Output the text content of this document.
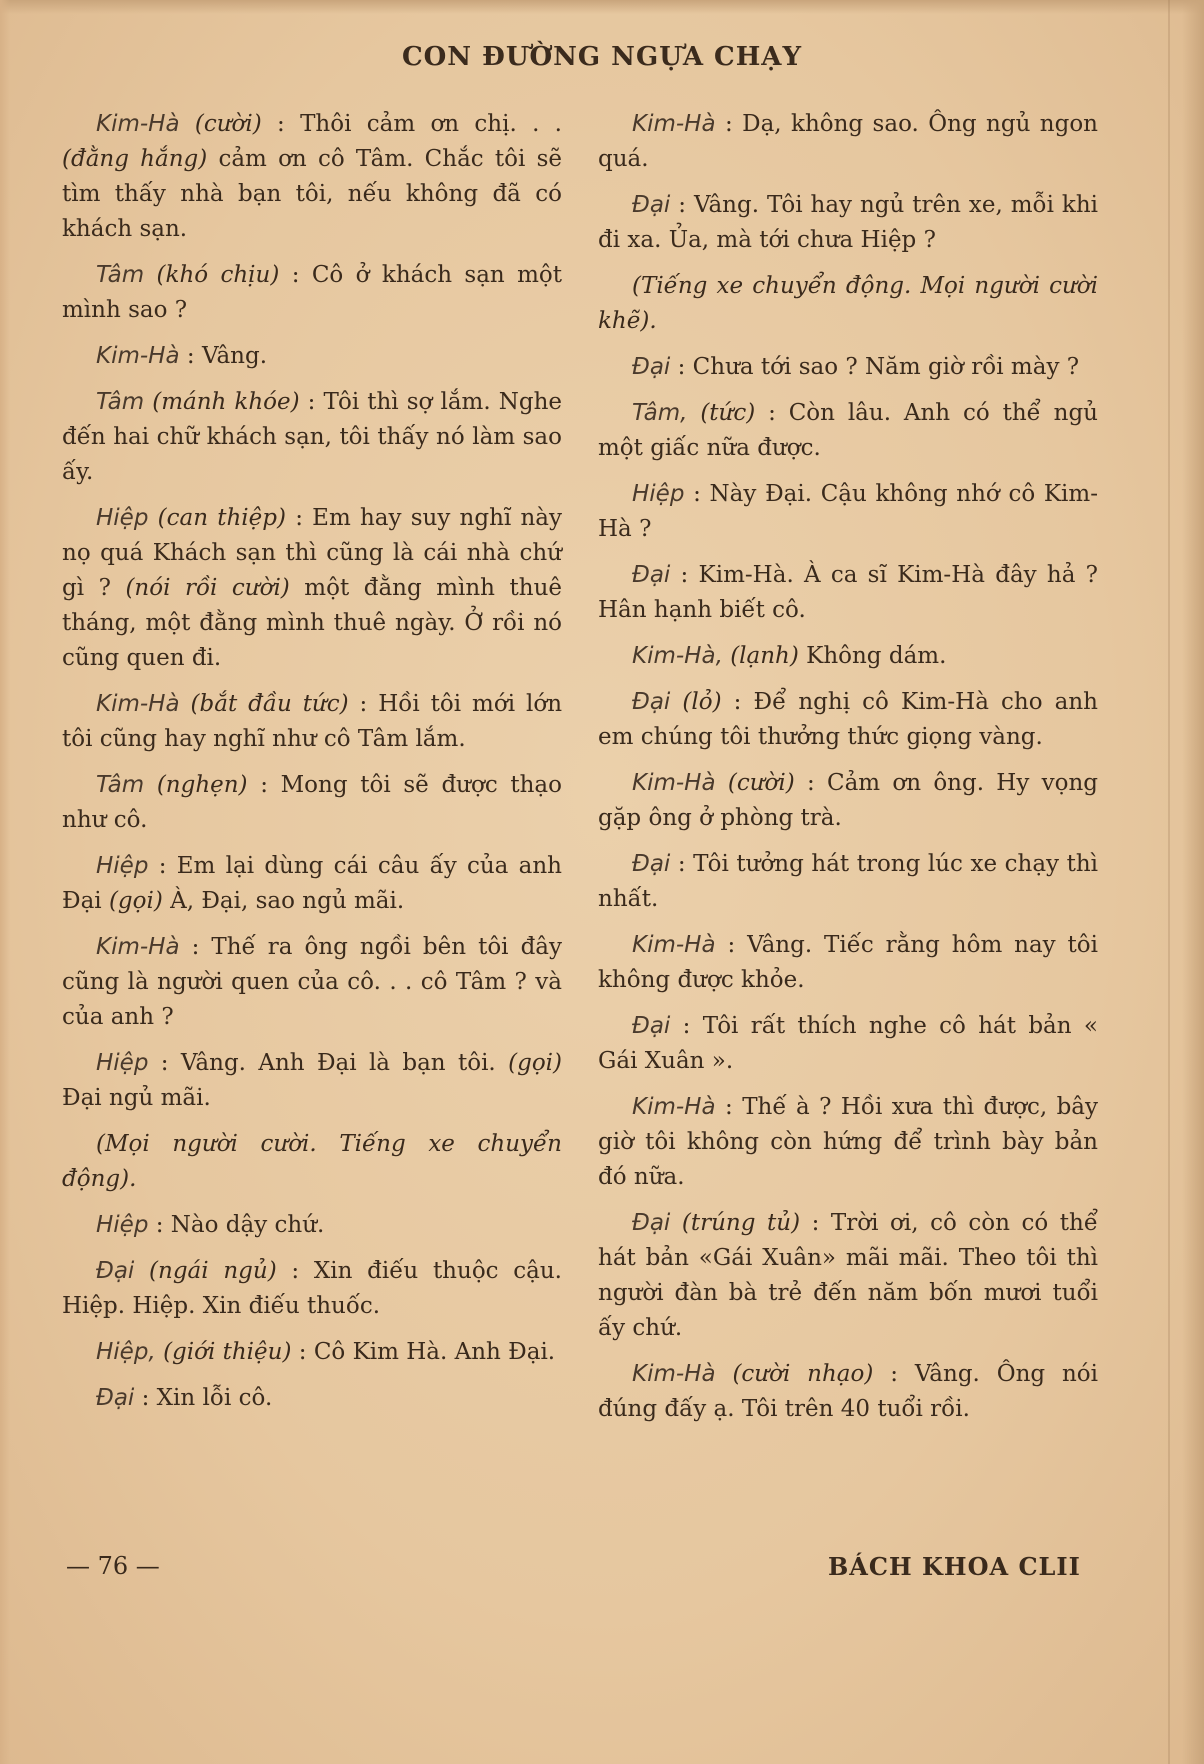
CON ĐƯỜNG NGỰA CHẠY

Kim-Hà (cười) : Thôi cảm ơn chị. . . (đằng hắng) cảm ơn cô Tâm. Chắc tôi sẽ tìm thấy nhà bạn tôi, nếu không đã có khách sạn.

Tâm (khó chịu) : Cô ở khách sạn một mình sao ?

Kim-Hà : Vâng.

Tâm (mánh khóe) : Tôi thì sợ lắm. Nghe đến hai chữ khách sạn, tôi thấy nó làm sao ấy.

Hiệp (can thiệp) : Em hay suy nghĩ này nọ quá Khách sạn thì cũng là cái nhà chứ gì ? (nói rồi cười) một đằng mình thuê tháng, một đằng mình thuê ngày. Ở rồi nó cũng quen đi.

Kim-Hà (bắt đầu tức) : Hồi tôi mới lớn tôi cũng hay nghĩ như cô Tâm lắm.

Tâm (nghẹn) : Mong tôi sẽ được thạo như cô.

Hiệp : Em lại dùng cái câu ấy của anh Đại (gọi) À, Đại, sao ngủ mãi.

Kim-Hà : Thế ra ông ngồi bên tôi đây cũng là người quen của cô. . . cô Tâm ? và của anh ?

Hiệp : Vâng. Anh Đại là bạn tôi. (gọi) Đại ngủ mãi.

(Mọi người cười. Tiếng xe chuyển động).

Hiệp : Nào dậy chứ.

Đại (ngái ngủ) : Xin điếu thuộc cậu. Hiệp. Hiệp. Xin điếu thuốc.

Hiệp, (giới thiệu) : Cô Kim Hà. Anh Đại.

Đại : Xin lỗi cô.

Kim-Hà : Dạ, không sao. Ông ngủ ngon quá.

Đại : Vâng. Tôi hay ngủ trên xe, mỗi khi đi xa. Ủa, mà tới chưa Hiệp ?

(Tiếng xe chuyển động. Mọi người cười khẽ).

Đại : Chưa tới sao ? Năm giờ rồi mày ?

Tâm, (tức) : Còn lâu. Anh có thể ngủ một giấc nữa được.

Hiệp : Này Đại. Cậu không nhớ cô Kim-Hà ?

Đại : Kim-Hà. À ca sĩ Kim-Hà đây hả ? Hân hạnh biết cô.

Kim-Hà, (lạnh) Không dám.

Đại (lỏ) : Để nghị cô Kim-Hà cho anh em chúng tôi thưởng thức giọng vàng.

Kim-Hà (cười) : Cảm ơn ông. Hy vọng gặp ông ở phòng trà.

Đại : Tôi tưởng hát trong lúc xe chạy thì nhất.

Kim-Hà : Vâng. Tiếc rằng hôm nay tôi không được khỏe.

Đại : Tôi rất thích nghe cô hát bản « Gái Xuân ».

Kim-Hà : Thế à ? Hồi xưa thì được, bây giờ tôi không còn hứng để trình bày bản đó nữa.

Đại (trúng tủ) : Trời ơi, cô còn có thể hát bản «Gái Xuân» mãi mãi. Theo tôi thì người đàn bà trẻ đến năm bốn mươi tuổi ấy chứ.

Kim-Hà (cười nhạo) : Vâng. Ông nói đúng đấy ạ. Tôi trên 40 tuổi rồi.

— 76 —	BÁCH KHOA CLII
